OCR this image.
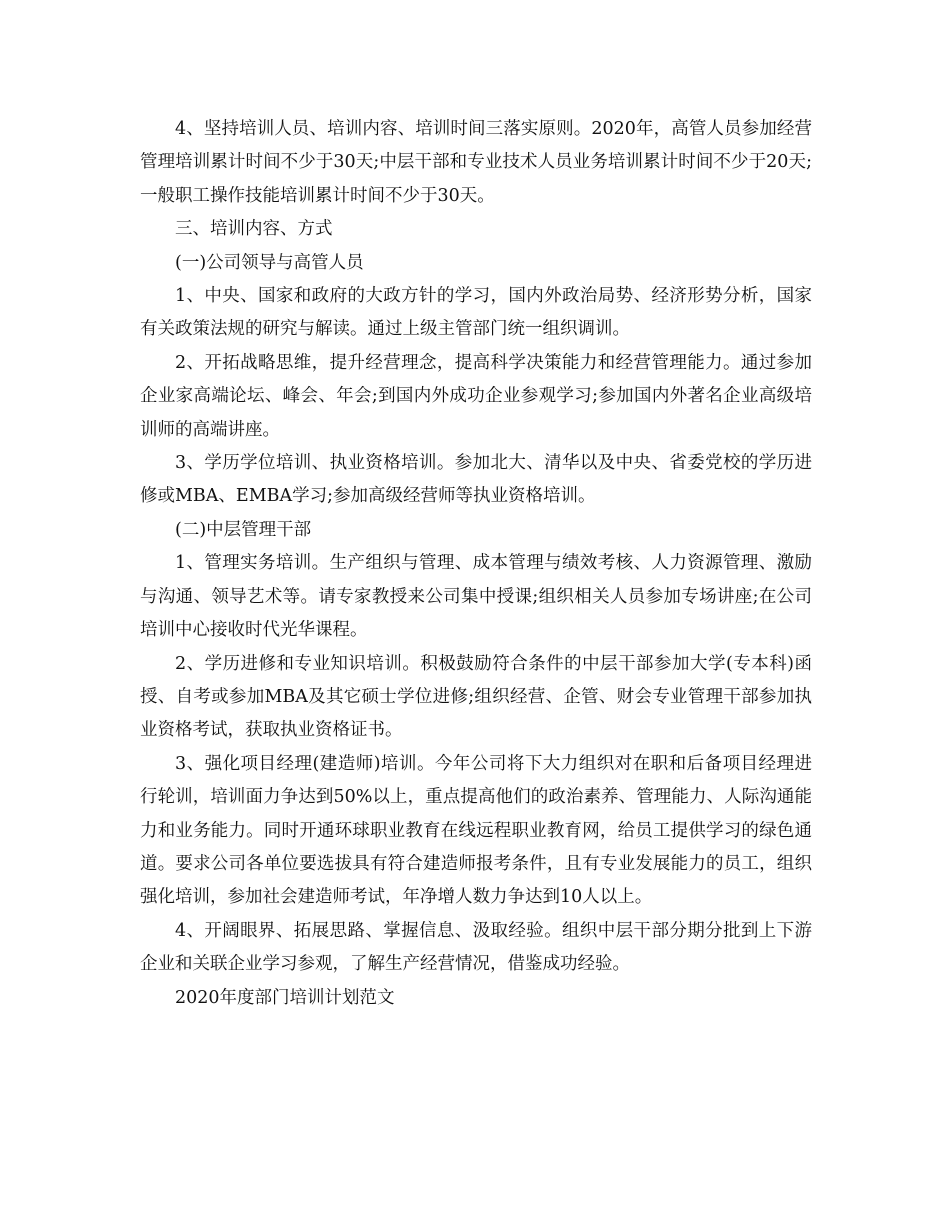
4、坚持培训人员、培训内容、培训时间三落实原则。2020年，高管人员参加经营管理培训累计时间不少于30天;中层干部和专业技术人员业务培训累计时间不少于20天;一般职工操作技能培训累计时间不少于30天。

三、培训内容、方式

(一)公司领导与高管人员

1、中央、国家和政府的大政方针的学习，国内外政治局势、经济形势分析，国家有关政策法规的研究与解读。通过上级主管部门统一组织调训。

2、开拓战略思维，提升经营理念，提高科学决策能力和经营管理能力。通过参加企业家高端论坛、峰会、年会;到国内外成功企业参观学习;参加国内外著名企业高级培训师的高端讲座。

3、学历学位培训、执业资格培训。参加北大、清华以及中央、省委党校的学历进修或MBA、EMBA学习;参加高级经营师等执业资格培训。

(二)中层管理干部

1、管理实务培训。生产组织与管理、成本管理与绩效考核、人力资源管理、激励与沟通、领导艺术等。请专家教授来公司集中授课;组织相关人员参加专场讲座;在公司培训中心接收时代光华课程。

2、学历进修和专业知识培训。积极鼓励符合条件的中层干部参加大学(专本科)函授、自考或参加MBA及其它硕士学位进修;组织经营、企管、财会专业管理干部参加执业资格考试，获取执业资格证书。

3、强化项目经理(建造师)培训。今年公司将下大力组织对在职和后备项目经理进行轮训，培训面力争达到50%以上，重点提高他们的政治素养、管理能力、人际沟通能力和业务能力。同时开通环球职业教育在线远程职业教育网，给员工提供学习的绿色通道。要求公司各单位要选拔具有符合建造师报考条件，且有专业发展能力的员工，组织强化培训，参加社会建造师考试，年净增人数力争达到10人以上。

4、开阔眼界、拓展思路、掌握信息、汲取经验。组织中层干部分期分批到上下游企业和关联企业学习参观，了解生产经营情况，借鉴成功经验。

2020年度部门培训计划范文
